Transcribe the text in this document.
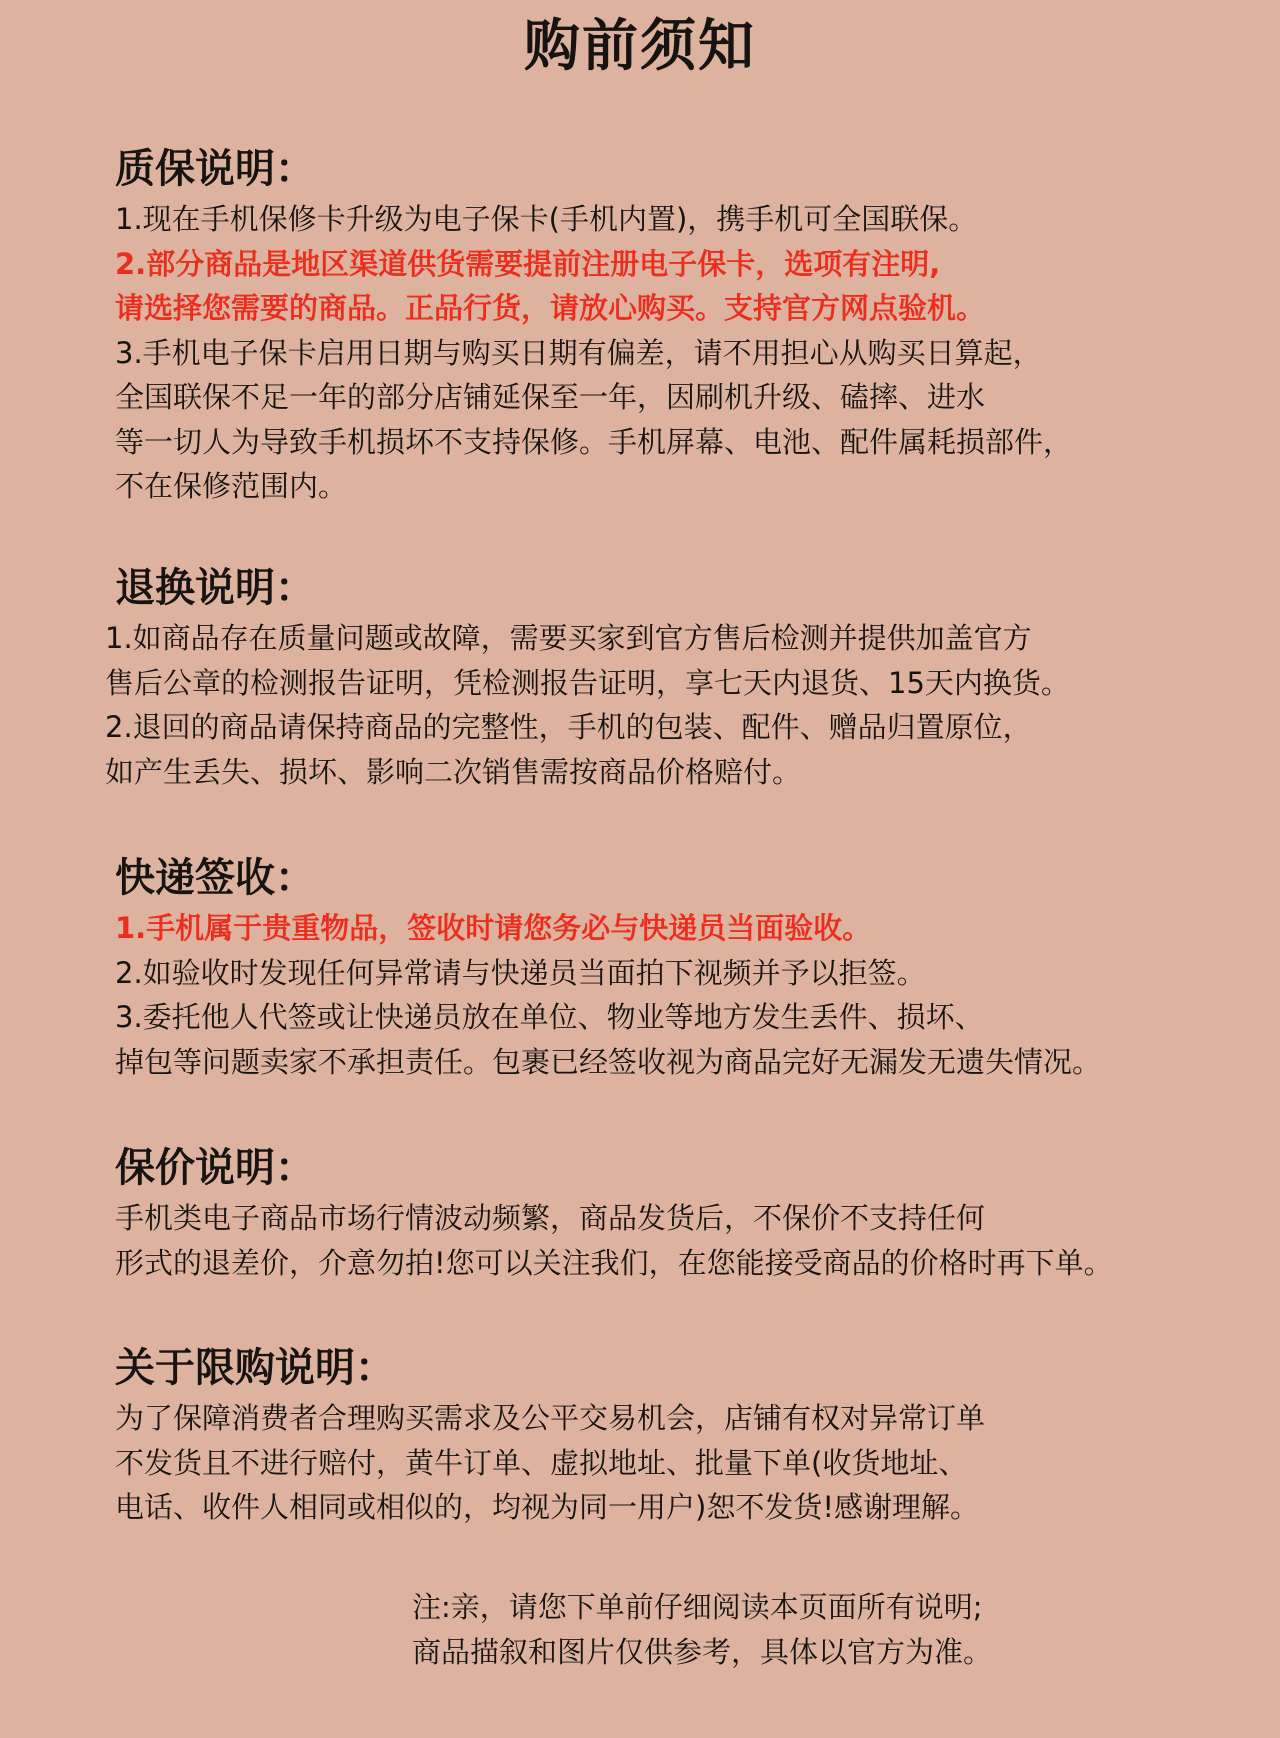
购前须知
质保说明：
1.现在手机保修卡升级为电子保卡(手机内置)，携手机可全国联保。
2.部分商品是地区渠道供货需要提前注册电子保卡，选项有注明,
请选择您需要的商品。正品行货，请放心购买。支持官方网点验机。
3.手机电子保卡启用日期与购买日期有偏差，请不用担心从购买日算起，
全国联保不足一年的部分店铺延保至一年，因刷机升级、磕摔、进水
等一切人为导致手机损坏不支持保修。手机屏幕、电池、配件属耗损部件，
不在保修范围内。
退换说明：
1.如商品存在质量问题或故障，需要买家到官方售后检测并提供加盖官方
售后公章的检测报告证明，凭检测报告证明，享七天内退货、15天内换货。
2.退回的商品请保持商品的完整性，手机的包装、配件、赠品归置原位，
如产生丢失、损坏、影响二次销售需按商品价格赔付。
快递签收：
1.手机属于贵重物品，签收时请您务必与快递员当面验收。
2.如验收时发现任何异常请与快递员当面拍下视频并予以拒签。
3.委托他人代签或让快递员放在单位、物业等地方发生丢件、损坏、
掉包等问题卖家不承担责任。包裹已经签收视为商品完好无漏发无遗失情况。
保价说明：
手机类电子商品市场行情波动频繁，商品发货后，不保价不支持任何
形式的退差价，介意勿拍!您可以关注我们，在您能接受商品的价格时再下单。
关于限购说明：
为了保障消费者合理购买需求及公平交易机会，店铺有权对异常订单
不发货且不进行赔付，黄牛订单、虚拟地址、批量下单(收货地址、
电话、收件人相同或相似的，均视为同一用户)恕不发货!感谢理解。
注:亲，请您下单前仔细阅读本页面所有说明;
商品描叙和图片仅供参考，具体以官方为准。
